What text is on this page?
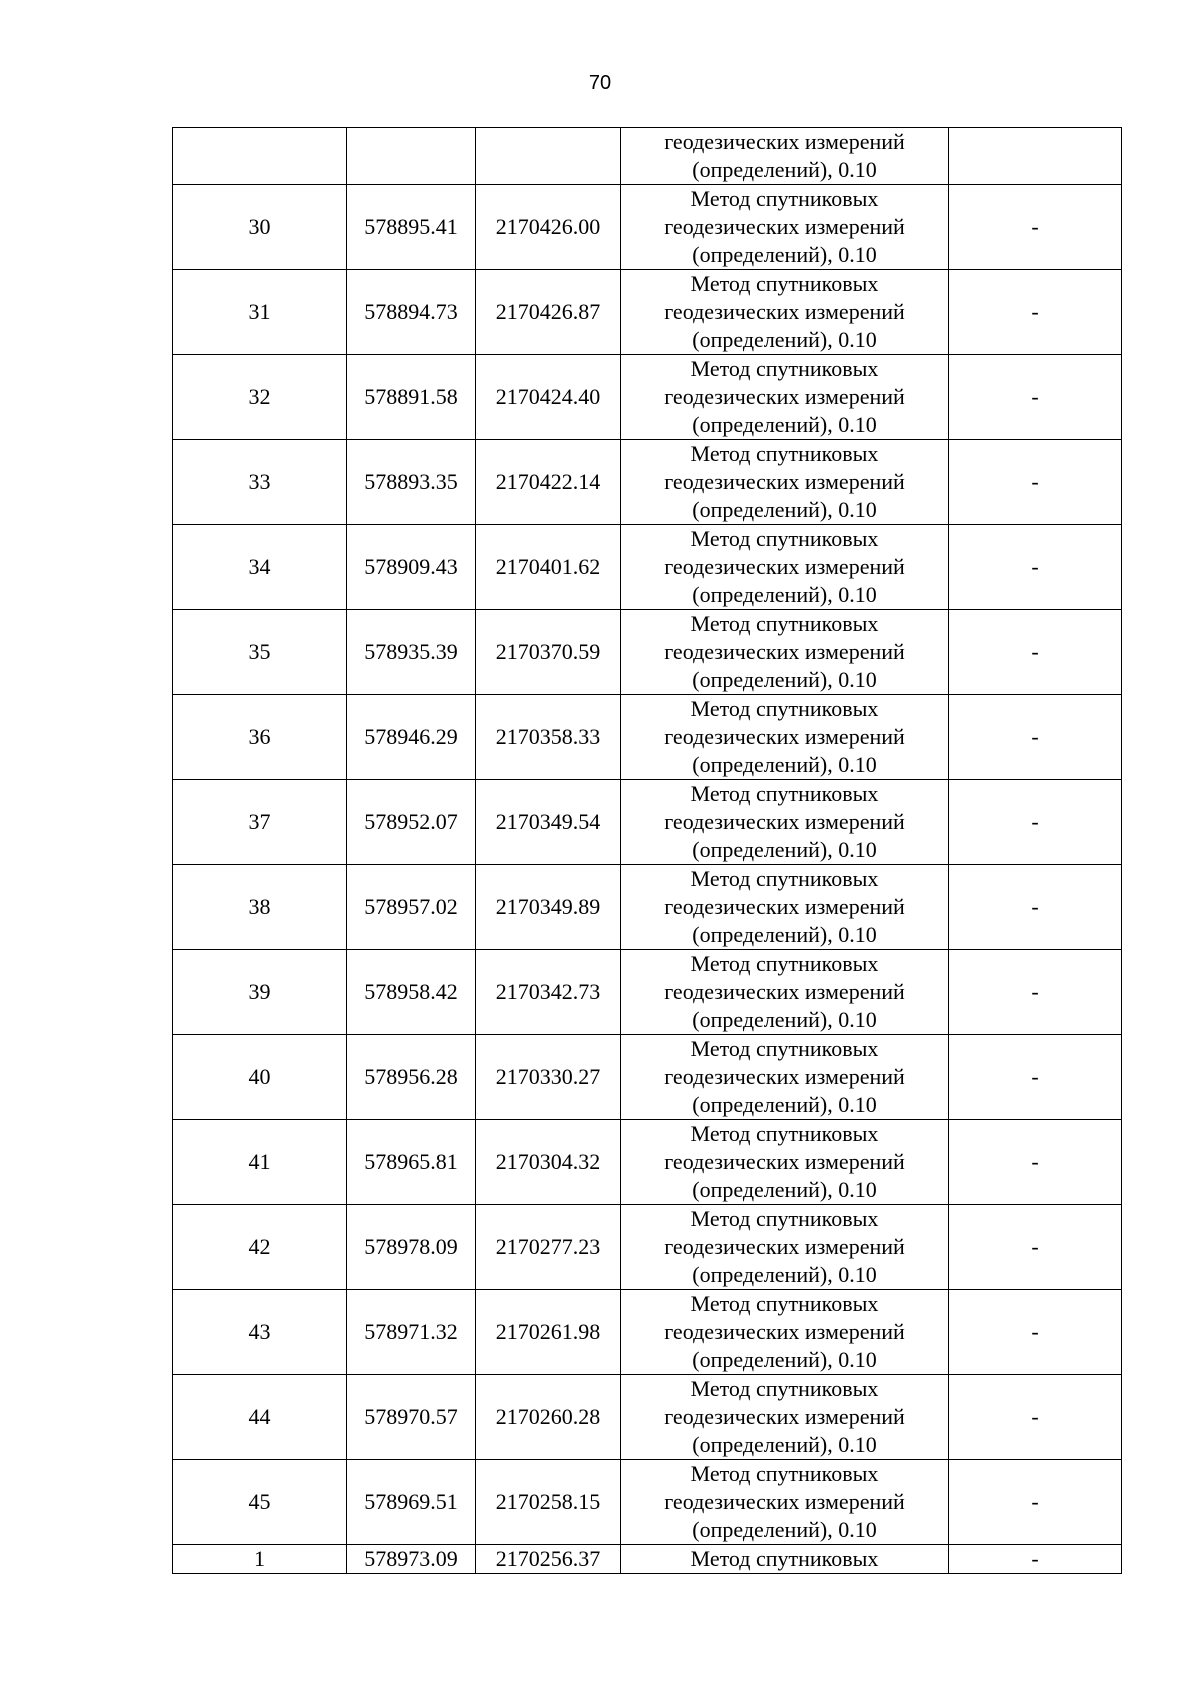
70

			геодезических измерений
(определений), 0.10	

30	578895.41	2170426.00	Метод спутниковых
геодезических измерений
(определений), 0.10	-
31	578894.73	2170426.87	Метод спутниковых
геодезических измерений
(определений), 0.10	-
32	578891.58	2170424.40	Метод спутниковых
геодезических измерений
(определений), 0.10	-
33	578893.35	2170422.14	Метод спутниковых
геодезических измерений
(определений), 0.10	-
34	578909.43	2170401.62	Метод спутниковых
геодезических измерений
(определений), 0.10	-
35	578935.39	2170370.59	Метод спутниковых
геодезических измерений
(определений), 0.10	-
36	578946.29	2170358.33	Метод спутниковых
геодезических измерений
(определений), 0.10	-
37	578952.07	2170349.54	Метод спутниковых
геодезических измерений
(определений), 0.10	-
38	578957.02	2170349.89	Метод спутниковых
геодезических измерений
(определений), 0.10	-
39	578958.42	2170342.73	Метод спутниковых
геодезических измерений
(определений), 0.10	-
40	578956.28	2170330.27	Метод спутниковых
геодезических измерений
(определений), 0.10	-
41	578965.81	2170304.32	Метод спутниковых
геодезических измерений
(определений), 0.10	-
42	578978.09	2170277.23	Метод спутниковых
геодезических измерений
(определений), 0.10	-
43	578971.32	2170261.98	Метод спутниковых
геодезических измерений
(определений), 0.10	-
44	578970.57	2170260.28	Метод спутниковых
геодезических измерений
(определений), 0.10	-
45	578969.51	2170258.15	Метод спутниковых
геодезических измерений
(определений), 0.10	-
1	578973.09	2170256.37	Метод спутниковых	-
